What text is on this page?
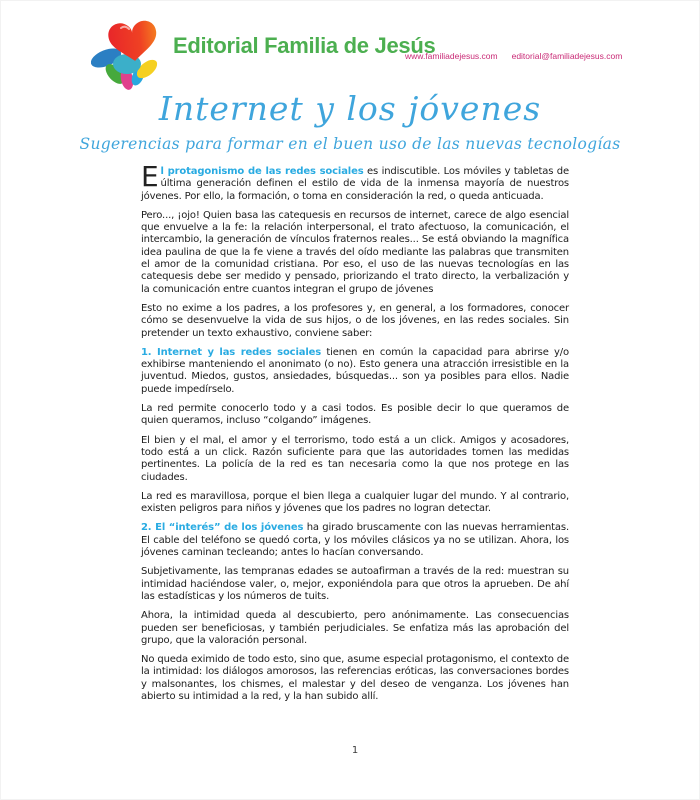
Editorial Familia de Jesús
www.familiadejesus.com editorial@familiadejesus.com
Internet y los jóvenes
Sugerencias para formar en el buen uso de las nuevas tecnologías

El protagonismo de las redes sociales es indiscutible. Los móviles y tabletas de última generación definen el estilo de vida de la inmensa mayoría de nuestros jóvenes. Por ello, la formación, o toma en consideración la red, o queda anticuada.

Pero..., ¡ojo! Quien basa las catequesis en recursos de internet, carece de algo esencial que envuelve a la fe: la relación interpersonal, el trato afectuoso, la comunicación, el intercambio, la generación de vínculos fraternos reales... Se está obviando la magnífica idea paulina de que la fe viene a través del oído mediante las palabras que transmiten el amor de la comunidad cristiana. Por eso, el uso de las nuevas tecnologías en las catequesis debe ser medido y pensado, priorizando el trato directo, la verbalización y la comunicación entre cuantos integran el grupo de jóvenes

Esto no exime a los padres, a los profesores y, en general, a los formadores, conocer cómo se desenvuelve la vida de sus hijos, o de los jóvenes, en las redes sociales. Sin pretender un texto exhaustivo, conviene saber:

1. Internet y las redes sociales tienen en común la capacidad para abrirse y/o exhibirse manteniendo el anonimato (o no). Esto genera una atracción irresistible en la juventud. Miedos, gustos, ansiedades, búsquedas... son ya posibles para ellos. Nadie puede impedírselo.

La red permite conocerlo todo y a casi todos. Es posible decir lo que queramos de quien queramos, incluso “colgando” imágenes.

El bien y el mal, el amor y el terrorismo, todo está a un click. Amigos y acosadores, todo está a un click. Razón suficiente para que las autoridades tomen las medidas pertinentes. La policía de la red es tan necesaria como la que nos protege en las ciudades.

La red es maravillosa, porque el bien llega a cualquier lugar del mundo. Y al contrario, existen peligros para niños y jóvenes que los padres no logran detectar.

2. El “interés” de los jóvenes ha girado bruscamente con las nuevas herramientas. El cable del teléfono se quedó corta, y los móviles clásicos ya no se utilizan. Ahora, los jóvenes caminan tecleando; antes lo hacían conversando.

Subjetivamente, las tempranas edades se autoafirman a través de la red: muestran su intimidad haciéndose valer, o, mejor, exponiéndola para que otros la aprueben. De ahí las estadísticas y los números de tuits.

Ahora, la intimidad queda al descubierto, pero anónimamente. Las consecuencias pueden ser beneficiosas, y también perjudiciales. Se enfatiza más las aprobación del grupo, que la valoración personal.

No queda eximido de todo esto, sino que, asume especial protagonismo, el contexto de la intimidad: los diálogos amorosos, las referencias eróticas, las conversaciones bordes y malsonantes, los chismes, el malestar y del deseo de venganza. Los jóvenes han abierto su intimidad a la red, y la han subido allí.

1
